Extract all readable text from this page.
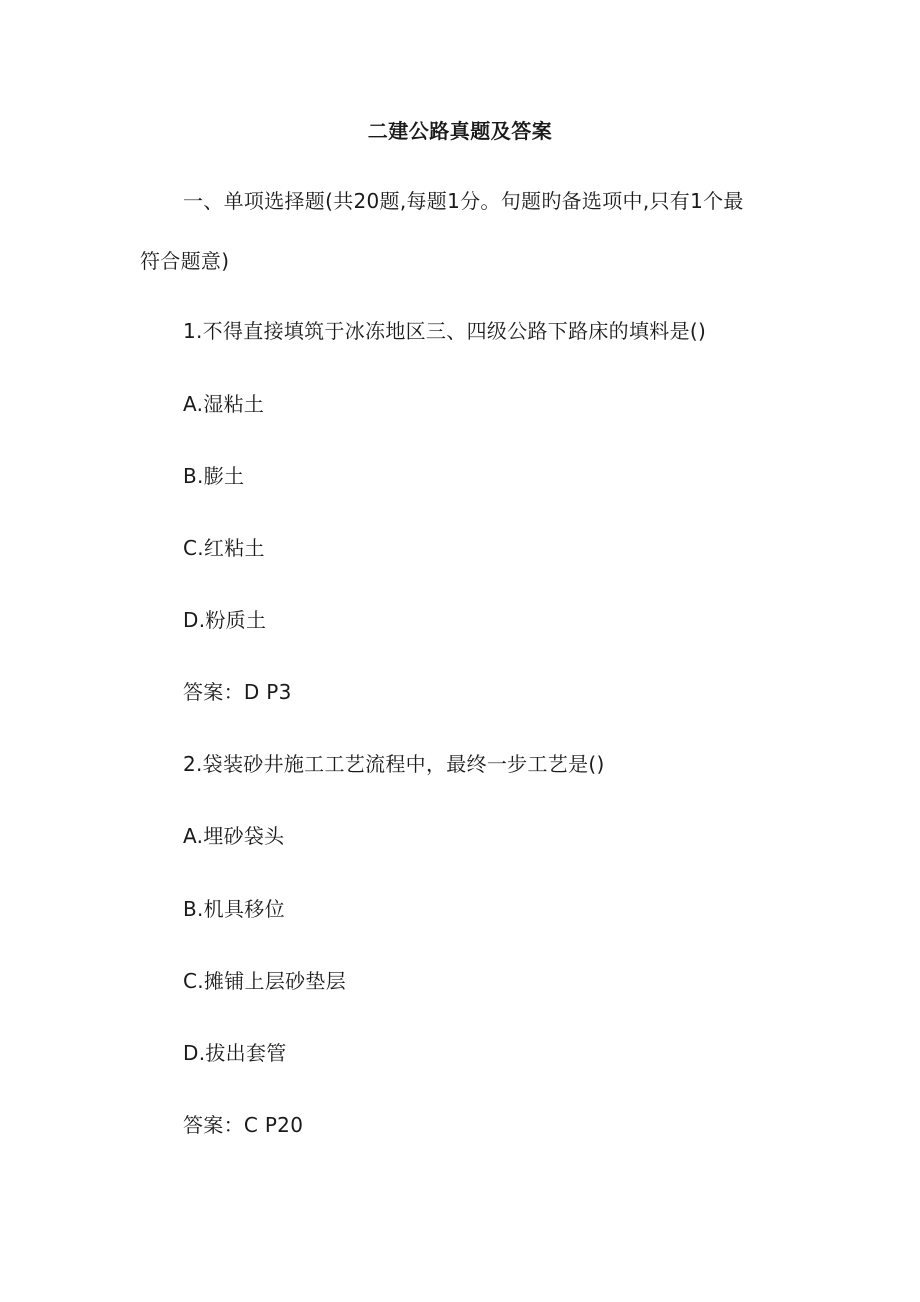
二建公路真题及答案
一、单项选择题(共20题,每题1分。句题旳备选项中,只有1个最
符合题意)
1.不得直接填筑于冰冻地区三、四级公路下路床的填料是()
A.湿粘土
B.膨土
C.红粘土
D.粉质土
答案：D P3
2.袋装砂井施工工艺流程中，最终一步工艺是()
A.埋砂袋头
B.机具移位
C.摊铺上层砂垫层
D.拔出套管
答案：C P20
